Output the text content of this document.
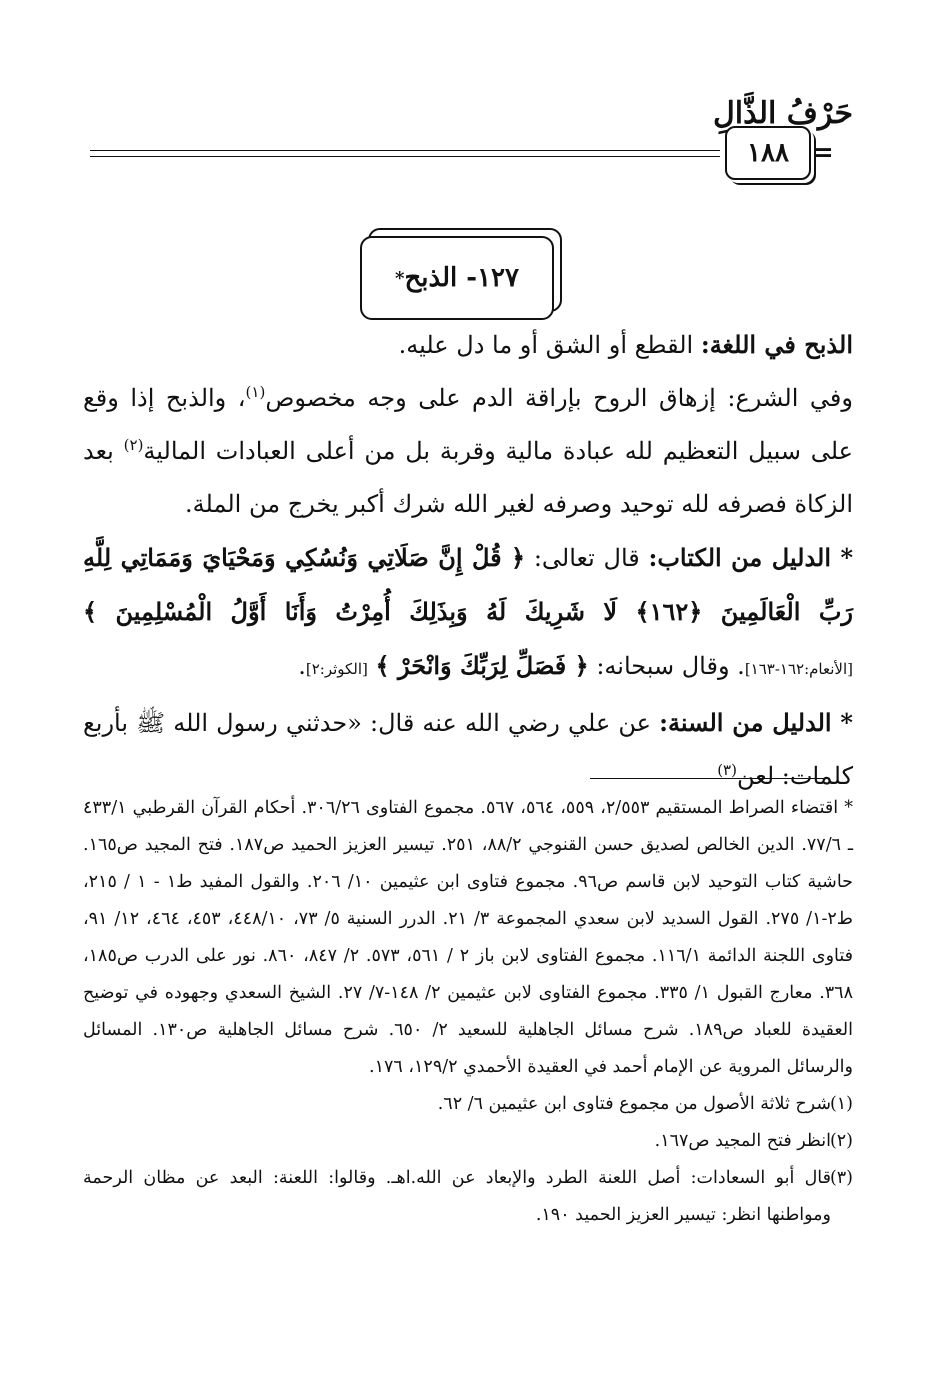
حَرْفُ الذَّالِ
١٨٨ =
١٢٧- الذبح
*

الذبح في اللغة: القطع أو الشق أو ما دل عليه.

وفي الشرع: إزهاق الروح بإراقة الدم على وجه مخصوص$^{(١)}$، والذبح إذا وقع على سبيل التعظيم لله عبادة مالية وقربة بل من أعلى العبادات المالية$^{(٢)}$ بعد الزكاة فصرفه لله توحيد وصرفه لغير الله شرك أكبر يخرج من الملة.

* الدليل من الكتاب: قال تعالى: ﴿ قُلْ إِنَّ صَلَاتِي وَنُسُكِي وَمَحْيَايَ وَمَمَاتِي لِلَّهِ رَبِّ الْعَالَمِينَ ﴿١٦٢﴾ لَا شَرِيكَ لَهُ وَبِذَلِكَ أُمِرْتُ وَأَنَا أَوَّلُ الْمُسْلِمِينَ ﴾ [الأنعام:١٦٢-١٦٣]. وقال سبحانه: ﴿ فَصَلِّ لِرَبِّكَ وَانْحَرْ ﴾ [الكوثر:٢].

* الدليل من السنة: عن علي رضي الله عنه قال: «حدثني رسول الله ﷺ بأربع كلمات: لعن$^{(٣)}$

* اقتضاء الصراط المستقيم ٢/٥٥٣، ٥٥٩، ٥٦٤، ٥٦٧. مجموع الفتاوى ٣٠٦/٢٦. أحكام القرآن القرطبي ٤٣٣/١ ـ ٧٧/٦. الدين الخالص لصديق حسن القنوجي ٨٨/٢، ٢٥١. تيسير العزيز الحميد ص١٨٧. فتح المجيد ص١٦٥. حاشية كتاب التوحيد لابن قاسم ص٩٦. مجموع فتاوى ابن عثيمين ١٠/ ٢٠٦. والقول المفيد ط١ - ١ / ٢١٥، ط٢-١/ ٢٧٥. القول السديد لابن سعدي المجموعة ٣/ ٢١. الدرر السنية ٥/ ٧٣، ٤٤٨/١٠، ٤٥٣، ٤٦٤، ١٢/ ٩١، فتاوى اللجنة الدائمة ١١٦/١. مجموع الفتاوى لابن باز ٢ / ٥٦١، ٥٧٣. ٢/ ٨٤٧، ٨٦٠. نور على الدرب ص١٨٥، ٣٦٨. معارج القبول ١/ ٣٣٥. مجموع الفتاوى لابن عثيمين ٢/ ١٤٨-٧/ ٢٧. الشيخ السعدي وجهوده في توضيح العقيدة للعباد ص١٨٩. شرح مسائل الجاهلية للسعيد ٢/ ٦٥٠. شرح مسائل الجاهلية ص١٣٠. المسائل والرسائل المروية عن الإمام أحمد في العقيدة الأحمدي ١٢٩/٢، ١٧٦.

(١)شرح ثلاثة الأصول من مجموع فتاوى ابن عثيمين ٦/ ٦٢.

(٢)انظر فتح المجيد ص١٦٧.

(٣)قال أبو السعادات: أصل اللعنة الطرد والإبعاد عن الله.اهـ. وقالوا: اللعنة: البعد عن مظان الرحمة ومواطنها انظر: تيسير العزيز الحميد ١٩٠.
